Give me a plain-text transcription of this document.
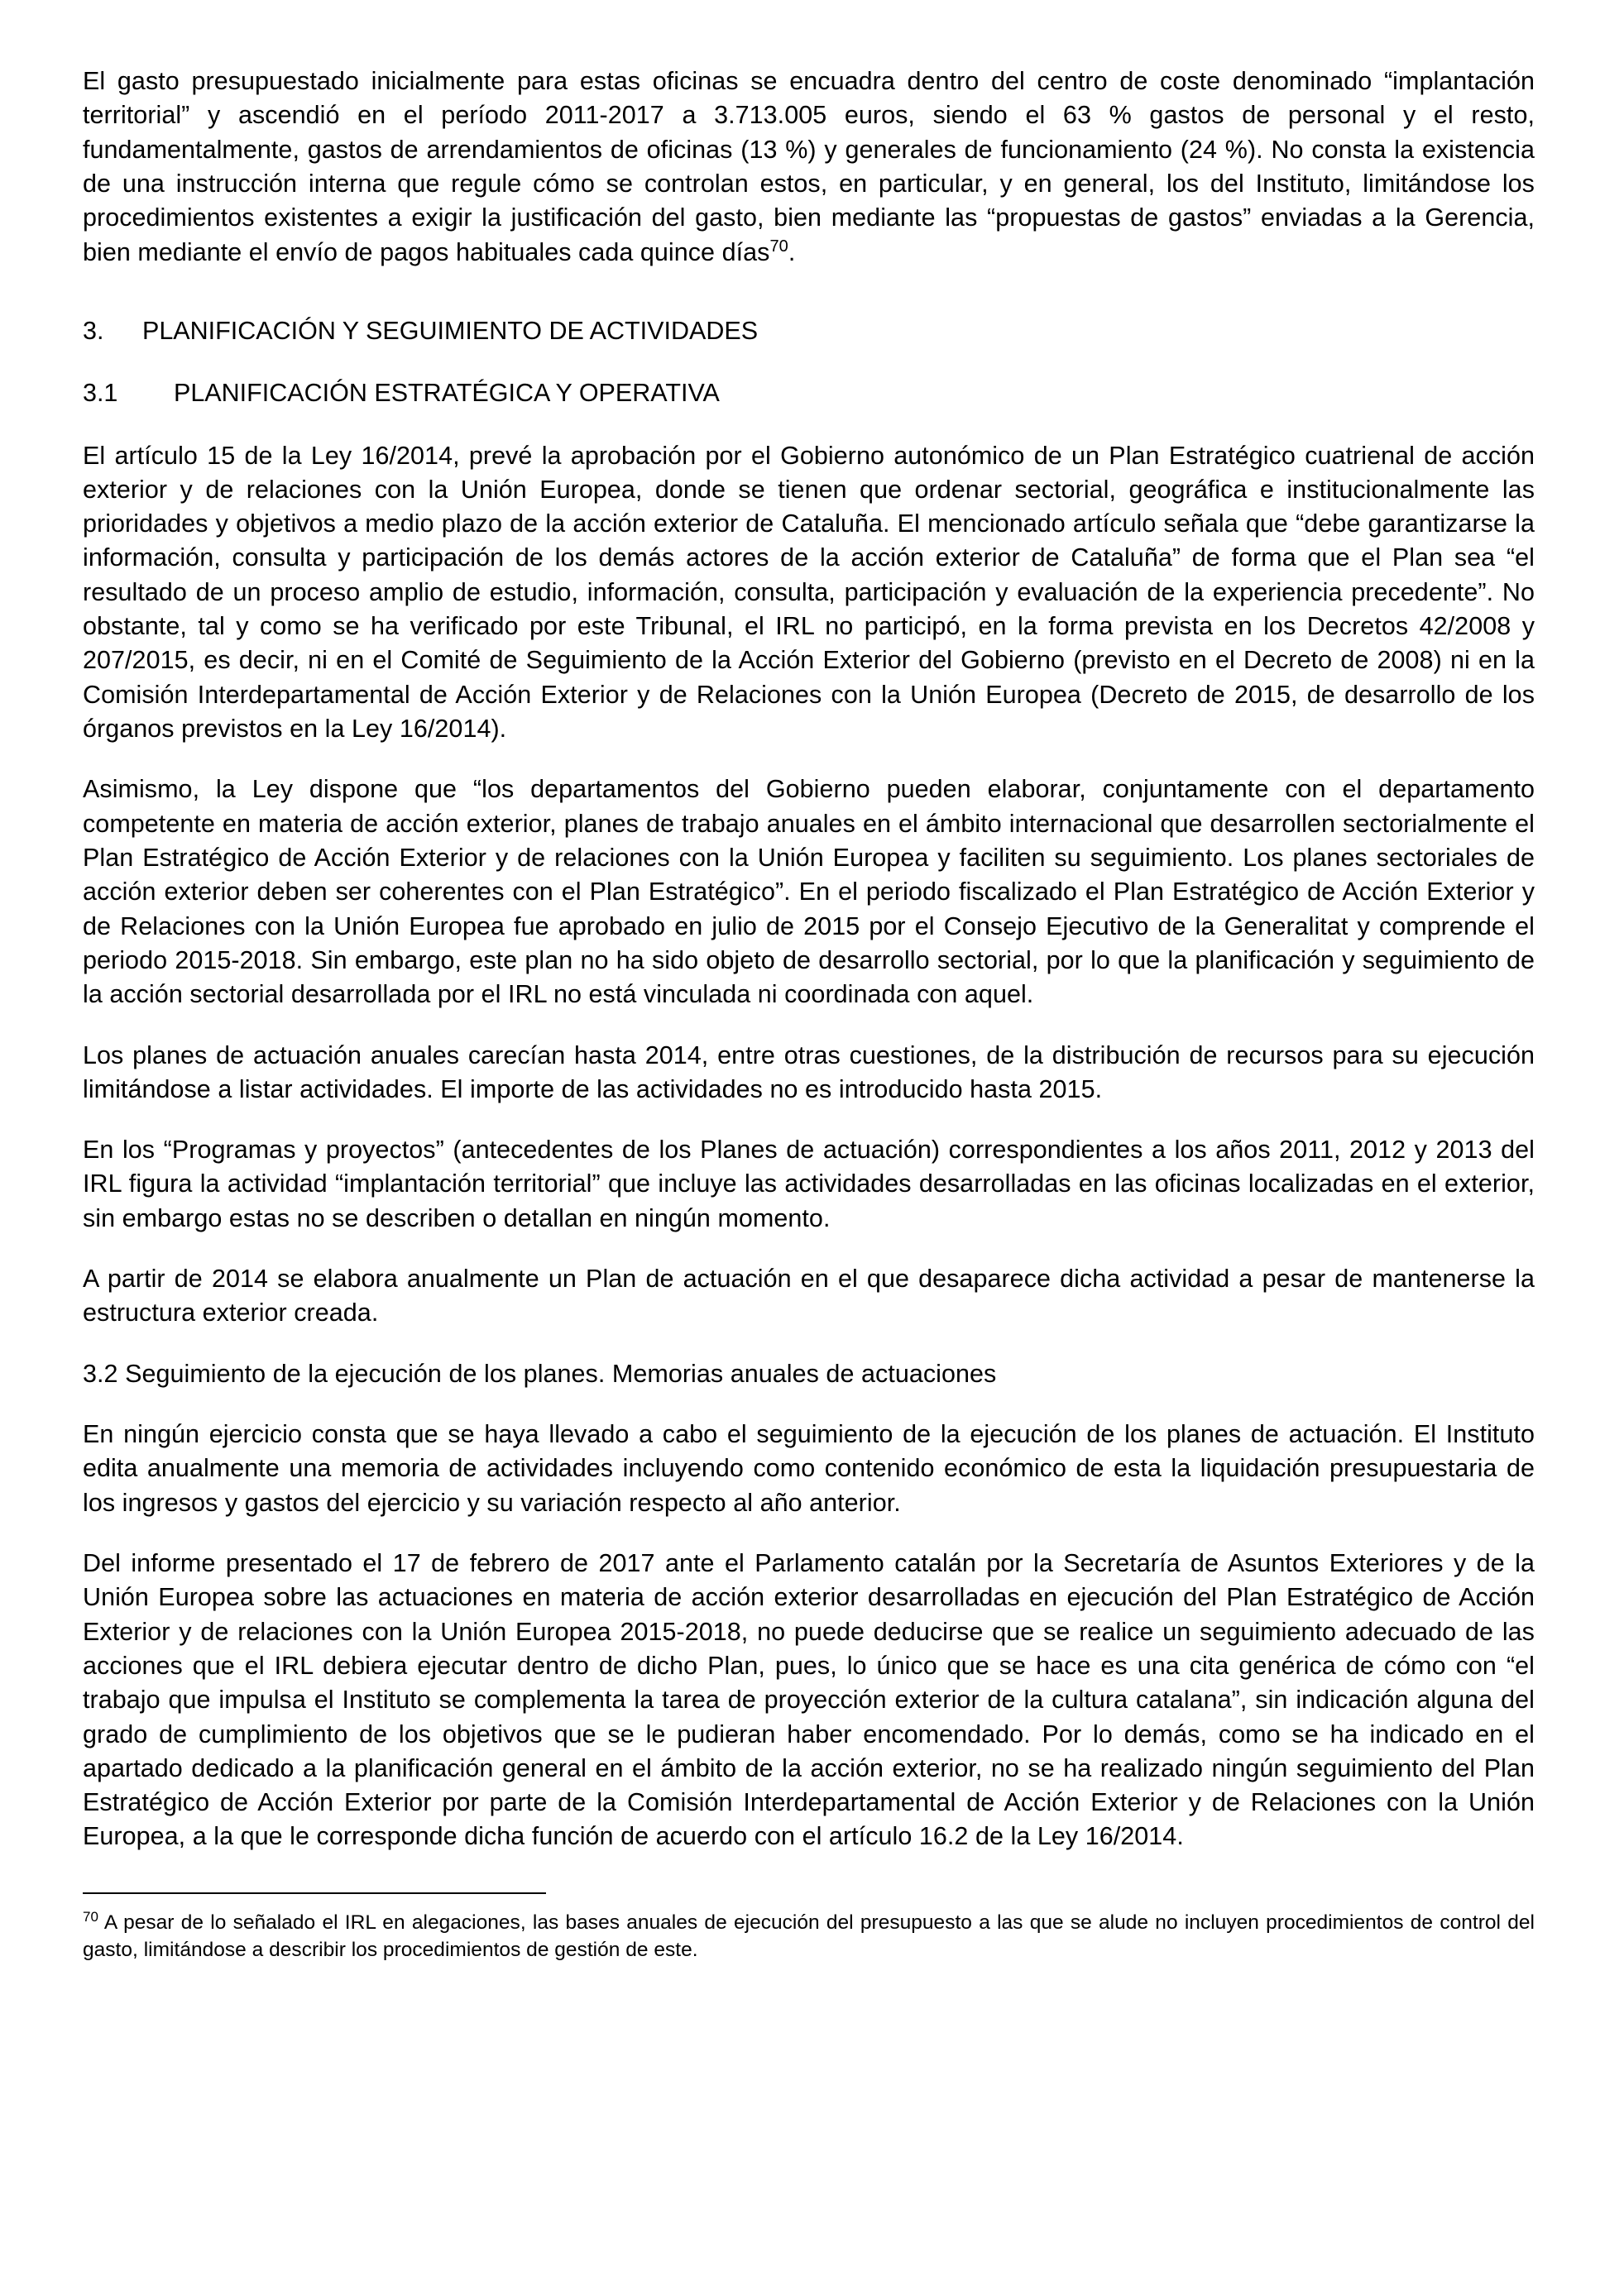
El gasto presupuestado inicialmente para estas oficinas se encuadra dentro del centro de coste denominado “implantación territorial” y ascendió en el período 2011-2017 a 3.713.005 euros, siendo el 63 % gastos de personal y el resto, fundamentalmente, gastos de arrendamientos de oficinas (13 %) y generales de funcionamiento (24 %). No consta la existencia de una instrucción interna que regule cómo se controlan estos, en particular, y en general, los del Instituto, limitándose los procedimientos existentes a exigir la justificación del gasto, bien mediante las “propuestas de gastos” enviadas a la Gerencia, bien mediante el envío de pagos habituales cada quince días$^{70}$.

3.	PLANIFICACIÓN Y SEGUIMIENTO DE ACTIVIDADES
3.1	PLANIFICACIÓN ESTRATÉGICA Y OPERATIVA

El artículo 15 de la Ley 16/2014, prevé la aprobación por el Gobierno autonómico de un Plan Estratégico cuatrienal de acción exterior y de relaciones con la Unión Europea, donde se tienen que ordenar sectorial, geográfica e institucionalmente las prioridades y objetivos a medio plazo de la acción exterior de Cataluña. El mencionado artículo señala que “debe garantizarse la información, consulta y participación de los demás actores de la acción exterior de Cataluña” de forma que el Plan sea “el resultado de un proceso amplio de estudio, información, consulta, participación y evaluación de la experiencia precedente”. No obstante, tal y como se ha verificado por este Tribunal, el IRL no participó, en la forma prevista en los Decretos 42/2008 y 207/2015, es decir, ni en el Comité de Seguimiento de la Acción Exterior del Gobierno (previsto en el Decreto de 2008) ni en la Comisión Interdepartamental de Acción Exterior y de Relaciones con la Unión Europea (Decreto de 2015, de desarrollo de los órganos previstos en la Ley 16/2014).

Asimismo, la Ley dispone que “los departamentos del Gobierno pueden elaborar, conjuntamente con el departamento competente en materia de acción exterior, planes de trabajo anuales en el ámbito internacional que desarrollen sectorialmente el Plan Estratégico de Acción Exterior y de relaciones con la Unión Europea y faciliten su seguimiento. Los planes sectoriales de acción exterior deben ser coherentes con el Plan Estratégico”. En el periodo fiscalizado el Plan Estratégico de Acción Exterior y de Relaciones con la Unión Europea fue aprobado en julio de 2015 por el Consejo Ejecutivo de la Generalitat y comprende el periodo 2015-2018. Sin embargo, este plan no ha sido objeto de desarrollo sectorial, por lo que la planificación y seguimiento de la acción sectorial desarrollada por el IRL no está vinculada ni coordinada con aquel.

Los planes de actuación anuales carecían hasta 2014, entre otras cuestiones, de la distribución de recursos para su ejecución limitándose a listar actividades. El importe de las actividades no es introducido hasta 2015.

En los “Programas y proyectos” (antecedentes de los Planes de actuación) correspondientes a los años 2011, 2012 y 2013 del IRL figura la actividad “implantación territorial” que incluye las actividades desarrolladas en las oficinas localizadas en el exterior, sin embargo estas no se describen o detallan en ningún momento.

A partir de 2014 se elabora anualmente un Plan de actuación en el que desaparece dicha actividad a pesar de mantenerse la estructura exterior creada.

3.2 Seguimiento de la ejecución de los planes. Memorias anuales de actuaciones

En ningún ejercicio consta que se haya llevado a cabo el seguimiento de la ejecución de los planes de actuación. El Instituto edita anualmente una memoria de actividades incluyendo como contenido económico de esta la liquidación presupuestaria de los ingresos y gastos del ejercicio y su variación respecto al año anterior.

Del informe presentado el 17 de febrero de 2017 ante el Parlamento catalán por la Secretaría de Asuntos Exteriores y de la Unión Europea sobre las actuaciones en materia de acción exterior desarrolladas en ejecución del Plan Estratégico de Acción Exterior y de relaciones con la Unión Europea 2015-2018, no puede deducirse que se realice un seguimiento adecuado de las acciones que el IRL debiera ejecutar dentro de dicho Plan, pues, lo único que se hace es una cita genérica de cómo con “el trabajo que impulsa el Instituto se complementa la tarea de proyección exterior de la cultura catalana”, sin indicación alguna del grado de cumplimiento de los objetivos que se le pudieran haber encomendado. Por lo demás, como se ha indicado en el apartado dedicado a la planificación general en el ámbito de la acción exterior, no se ha realizado ningún seguimiento del Plan Estratégico de Acción Exterior por parte de la Comisión Interdepartamental de Acción Exterior y de Relaciones con la Unión Europea, a la que le corresponde dicha función de acuerdo con el artículo 16.2 de la Ley 16/2014.

$^{70}$ A pesar de lo señalado el IRL en alegaciones, las bases anuales de ejecución del presupuesto a las que se alude no incluyen procedimientos de control del gasto, limitándose a describir los procedimientos de gestión de este.
